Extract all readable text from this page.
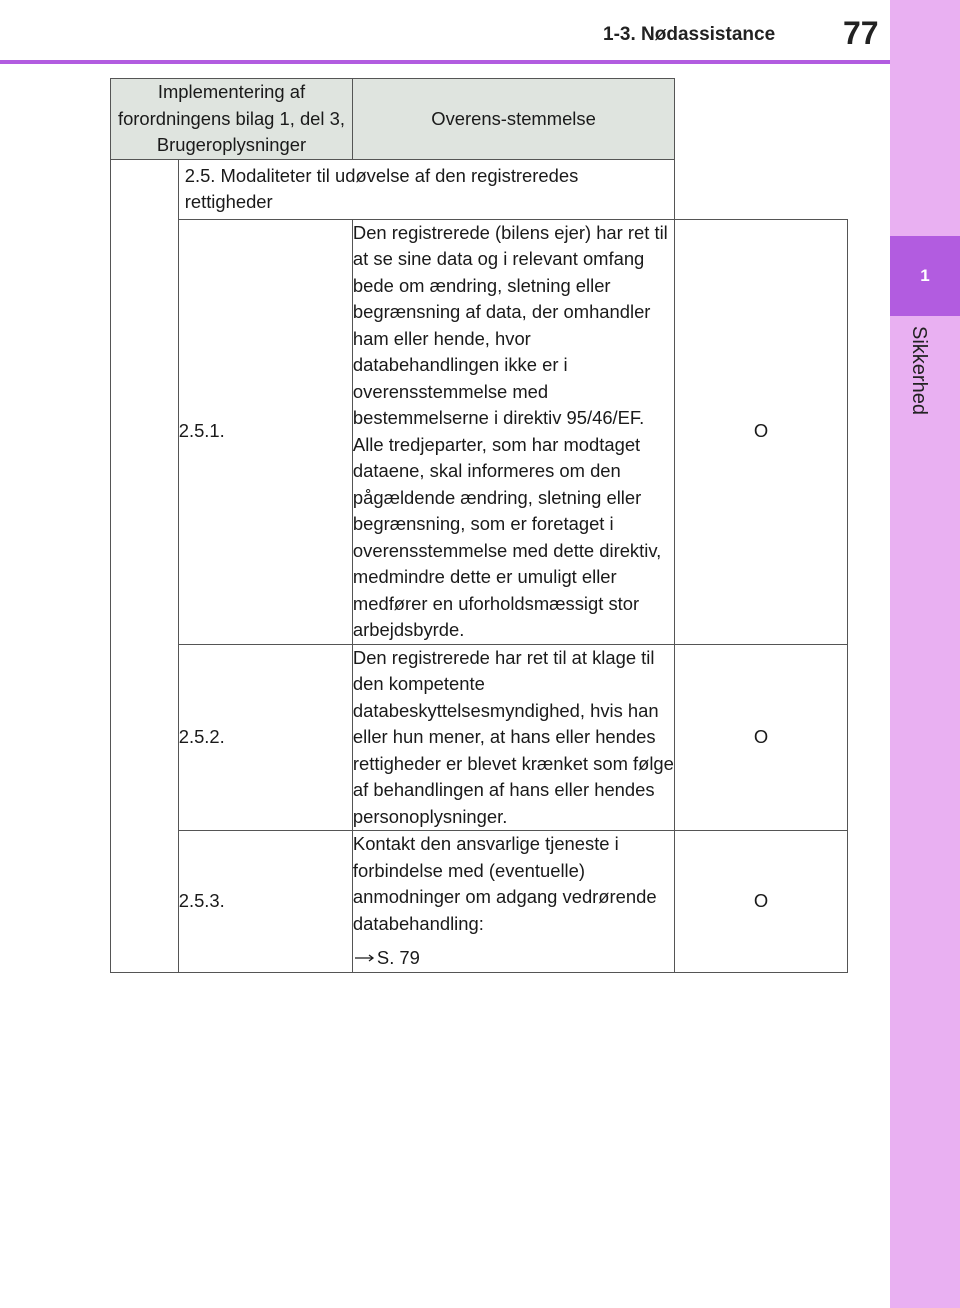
1
Sikkerhed
1-3. Nødassistance 77
Implementering af forordningens bilag 1, del 3, Brugeroplysninger		Overens-stemmelse	
	2.5. Modaliteter til udøvelse af den registreredes rettigheder		
	2.5.1.	Den registrerede (bilens ejer) har ret til at se sine data og i relevant omfang bede om ændring, sletning eller begrænsning af data, der omhandler ham eller hende, hvor databehandlingen ikke er i overensstemmelse med bestemmelserne i direktiv 95/46/EF. Alle tredjeparter, som har modtaget dataene, skal informeres om den pågældende ændring, sletning eller begrænsning, som er foretaget i overensstemmelse med dette direktiv, medmindre dette er umuligt eller medfører en uforholdsmæssigt stor arbejdsbyrde.	O
	2.5.2.	Den registrerede har ret til at klage til den kompetente databeskyttelsesmyndighed, hvis han eller hun mener, at hans eller hendes rettigheder er blevet krænket som følge af behandlingen af hans eller hendes personoplysninger.	O
	2.5.3.	Kontakt den ansvarlige tjeneste i forbindelse med (eventuelle) anmodninger om adgang vedrørende databehandling:

S. 79	O
